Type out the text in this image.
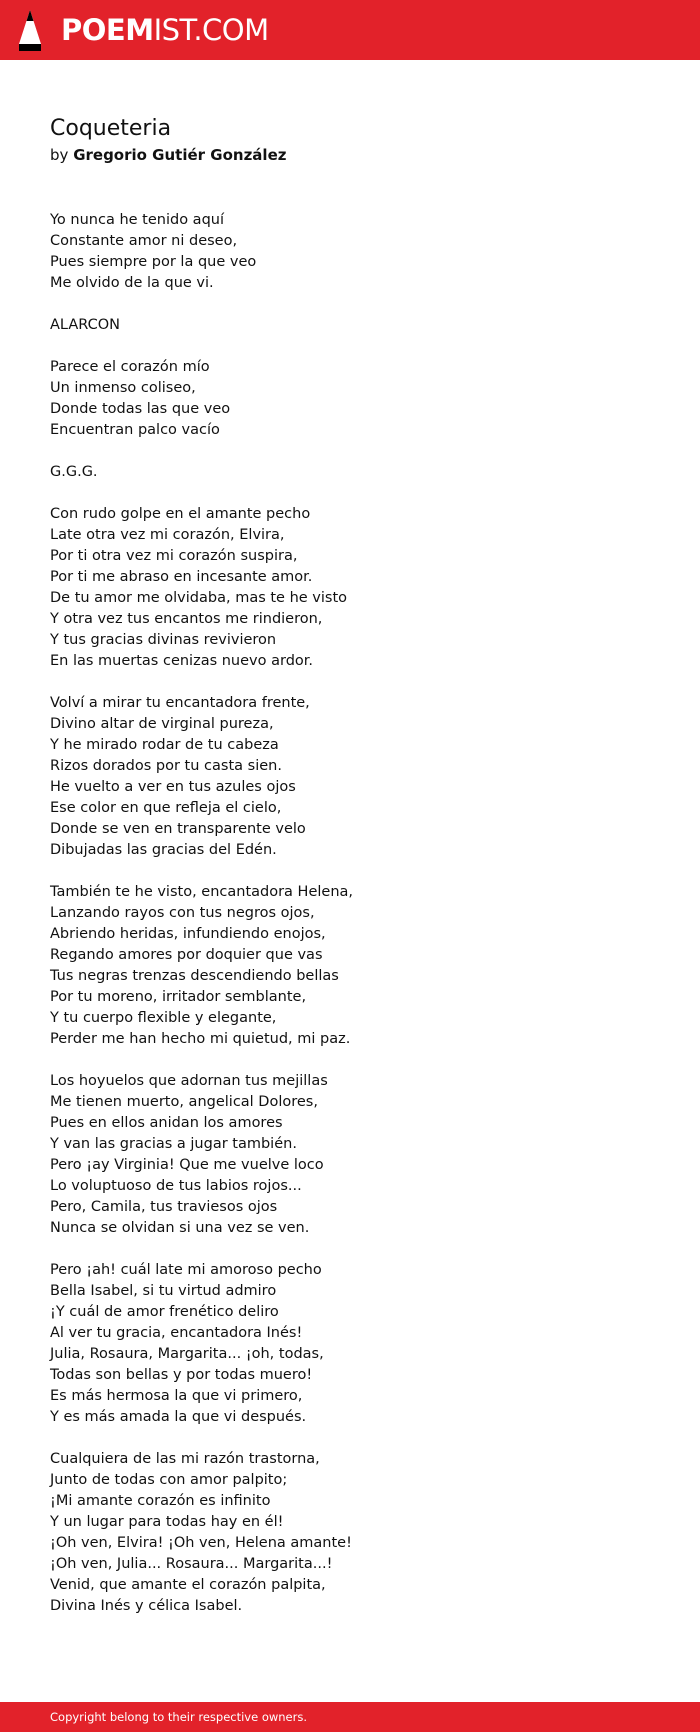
POEMIST.COM
Coqueteria

by Gregorio Gutiér González

Yo nunca he tenido aquí
Constante amor ni deseo,
Pues siempre por la que veo
Me olvido de la que vi.

ALARCON

Parece el corazón mío
Un inmenso coliseo,
Donde todas las que veo
Encuentran palco vacío

G.G.G.

Con rudo golpe en el amante pecho
Late otra vez mi corazón, Elvira,
Por ti otra vez mi corazón suspira,
Por ti me abraso en incesante amor.
De tu amor me olvidaba, mas te he visto
Y otra vez tus encantos me rindieron,
Y tus gracias divinas revivieron
En las muertas cenizas nuevo ardor.

Volví a mirar tu encantadora frente,
Divino altar de virginal pureza,
Y he mirado rodar de tu cabeza
Rizos dorados por tu casta sien.
He vuelto a ver en tus azules ojos
Ese color en que refleja el cielo,
Donde se ven en transparente velo
Dibujadas las gracias del Edén.

También te he visto, encantadora Helena,
Lanzando rayos con tus negros ojos,
Abriendo heridas, infundiendo enojos,
Regando amores por doquier que vas
Tus negras trenzas descendiendo bellas
Por tu moreno, irritador semblante,
Y tu cuerpo flexible y elegante,
Perder me han hecho mi quietud, mi paz.

Los hoyuelos que adornan tus mejillas
Me tienen muerto, angelical Dolores,
Pues en ellos anidan los amores
Y van las gracias a jugar también.
Pero ¡ay Virginia! Que me vuelve loco
Lo voluptuoso de tus labios rojos...
Pero, Camila, tus traviesos ojos
Nunca se olvidan si una vez se ven.

Pero ¡ah! cuál late mi amoroso pecho
Bella Isabel, si tu virtud admiro
¡Y cuál de amor frenético deliro
Al ver tu gracia, encantadora Inés!
Julia, Rosaura, Margarita... ¡oh, todas,
Todas son bellas y por todas muero!
Es más hermosa la que vi primero,
Y es más amada la que vi después.

Cualquiera de las mi razón trastorna,
Junto de todas con amor palpito;
¡Mi amante corazón es infinito
Y un lugar para todas hay en él!
¡Oh ven, Elvira! ¡Oh ven, Helena amante!
¡Oh ven, Julia... Rosaura... Margarita...!
Venid, que amante el corazón palpita,
Divina Inés y célica Isabel.

Copyright belong to their respective owners.
